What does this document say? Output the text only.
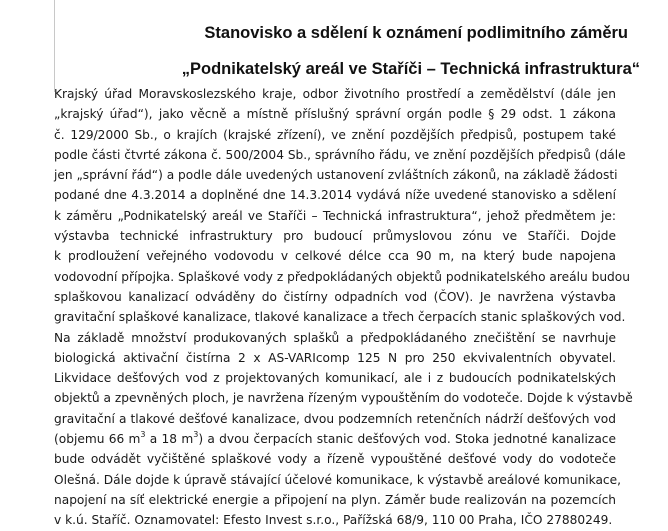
Stanovisko a sdělení k oznámení podlimitního záměru
„Podnikatelský areál ve Staříči – Technická infrastruktura“
Krajský úřad Moravskoslezského kraje, odbor životního prostředí a zemědělství (dále jen
„krajský úřad“), jako věcně a místně příslušný správní orgán podle § 29 odst. 1 zákona
č. 129/2000 Sb., o krajích (krajské zřízení), ve znění pozdějších předpisů, postupem také
podle části čtvrté zákona č. 500/2004 Sb., správního řádu, ve znění pozdějších předpisů (dále
jen „správní řád“) a podle dále uvedených ustanovení zvláštních zákonů, na základě žádosti
podané dne 4.3.2014 a doplněné dne 14.3.2014 vydává níže uvedené stanovisko a sdělení
k záměru „Podnikatelský areál ve Staříči – Technická infrastruktura“, jehož předmětem je:
výstavba technické infrastruktury pro budoucí průmyslovou zónu ve Staříči. Dojde
k prodloužení veřejného vodovodu v celkové délce cca 90 m, na který bude napojena
vodovodní přípojka. Splaškové vody z předpokládaných objektů podnikatelského areálu budou
splaškovou kanalizací odváděny do čistírny odpadních vod (ČOV). Je navržena výstavba
gravitační splaškové kanalizace, tlakové kanalizace a třech čerpacích stanic splaškových vod.
Na základě množství produkovaných splašků a předpokládaného znečištění se navrhuje
biologická aktivační čistírna 2 x AS-VARIcomp 125 N pro 250 ekvivalentních obyvatel.
Likvidace dešťových vod z projektovaných komunikací, ale i z budoucích podnikatelských
objektů a zpevněných ploch, je navržena řízeným vypouštěním do vodoteče. Dojde k výstavbě
gravitační a tlakové dešťové kanalizace, dvou podzemních retenčních nádrží dešťových vod
(objemu 66 $m^3$ a 18 $m^3$) a dvou čerpacích stanic dešťových vod. Stoka jednotné kanalizace
bude odvádět vyčištěné splaškové vody a řízeně vypouštěné dešťové vody do vodoteče
Olešná. Dále dojde k úpravě stávající účelové komunikace, k výstavbě areálové komunikace,
napojení na síť elektrické energie a připojení na plyn. Záměr bude realizován na pozemcích
v k.ú. Staříč. Oznamovatel: Efesto Invest s.r.o., Pařížská 68/9, 110 00 Praha, IČO 27880249.
